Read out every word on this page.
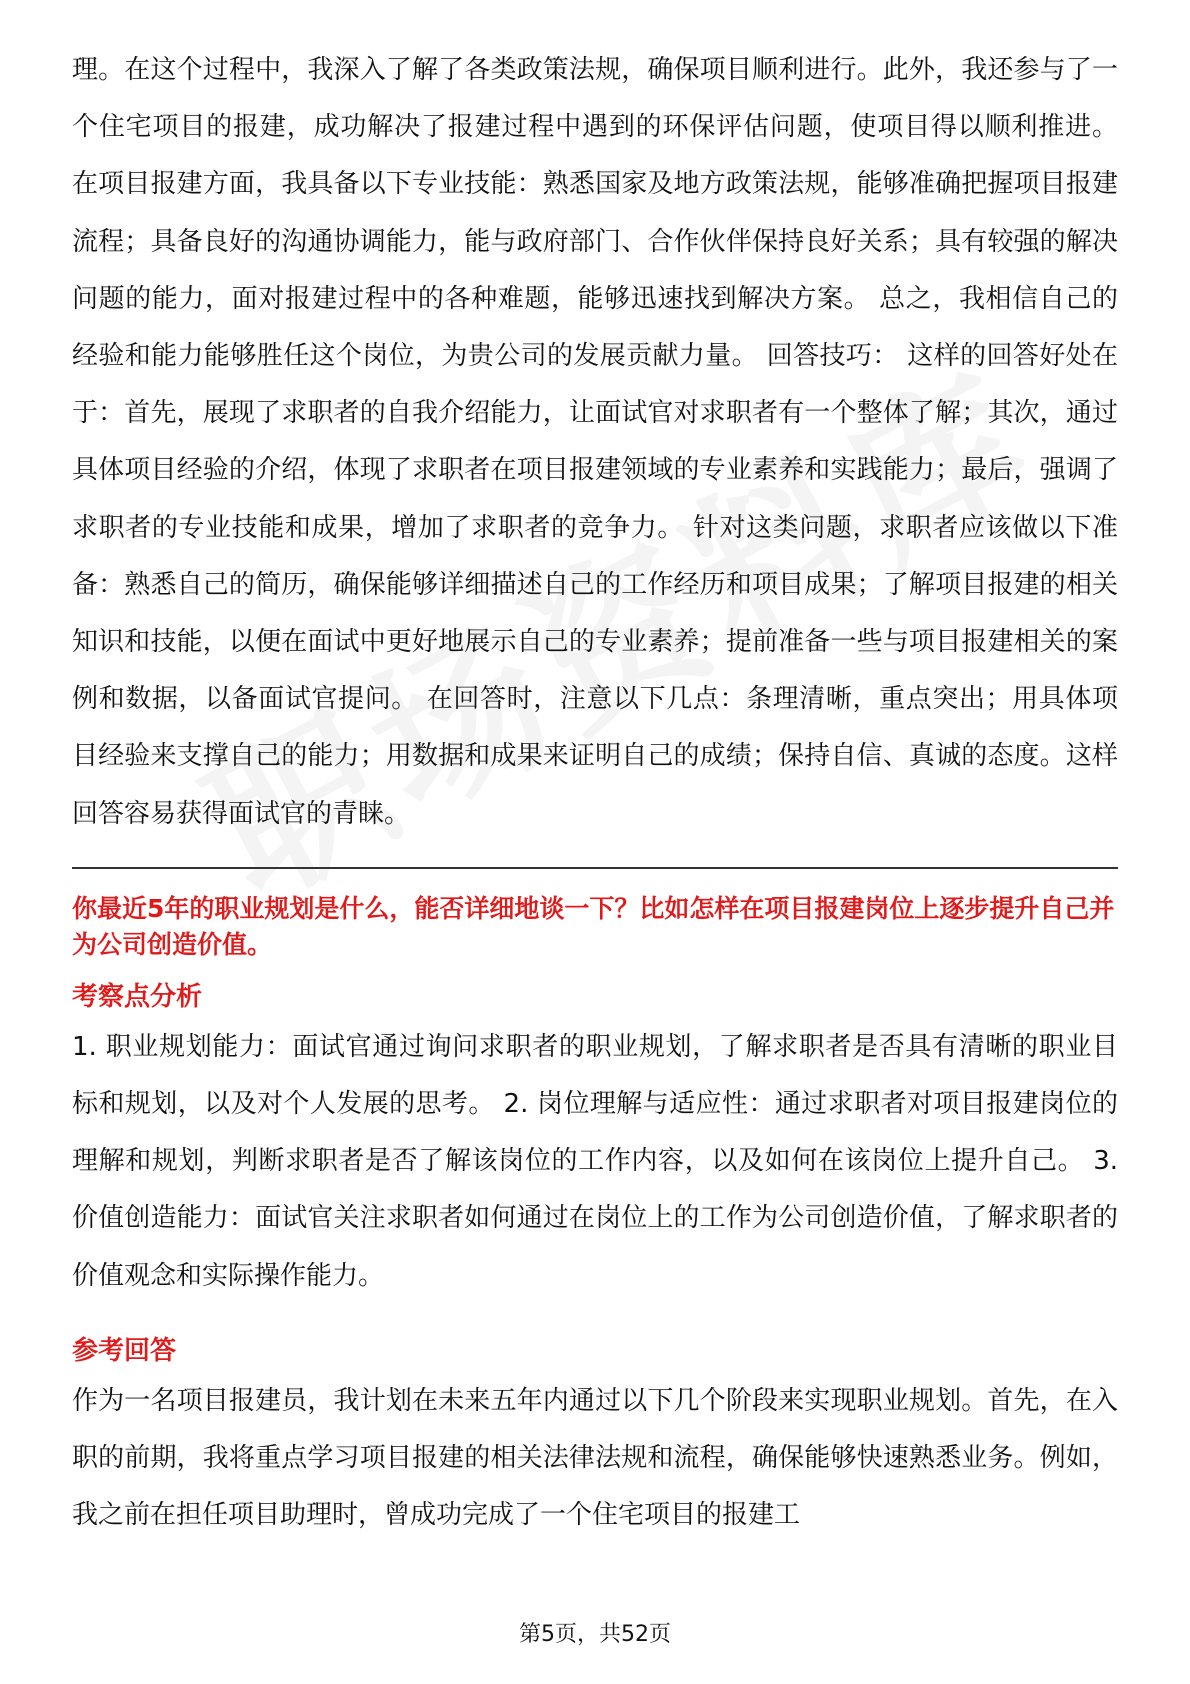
理。在这个过程中，我深入了解了各类政策法规，确保项目顺利进行。此外，我还参与了一个住宅项目的报建，成功解决了报建过程中遇到的环保评估问题，使项目得以顺利推进。 在项目报建方面，我具备以下专业技能：熟悉国家及地方政策法规，能够准确把握项目报建流程；具备良好的沟通协调能力，能与政府部门、合作伙伴保持良好关系；具有较强的解决问题的能力，面对报建过程中的各种难题，能够迅速找到解决方案。 总之，我相信自己的经验和能力能够胜任这个岗位，为贵公司的发展贡献力量。 回答技巧： 这样的回答好处在于：首先，展现了求职者的自我介绍能力，让面试官对求职者有一个整体了解；其次，通过具体项目经验的介绍，体现了求职者在项目报建领域的专业素养和实践能力；最后，强调了求职者的专业技能和成果，增加了求职者的竞争力。 针对这类问题，求职者应该做以下准备：熟悉自己的简历，确保能够详细描述自己的工作经历和项目成果；了解项目报建的相关知识和技能，以便在面试中更好地展示自己的专业素养；提前准备一些与项目报建相关的案例和数据，以备面试官提问。 在回答时，注意以下几点：条理清晰，重点突出；用具体项目经验来支撑自己的能力；用数据和成果来证明自己的成绩；保持自信、真诚的态度。这样回答容易获得面试官的青睐。

你最近5年的职业规划是什么，能否详细地谈一下？比如怎样在项目报建岗位上逐步提升自己并为公司创造价值。

考察点分析

1. 职业规划能力：面试官通过询问求职者的职业规划，了解求职者是否具有清晰的职业目标和规划，以及对个人发展的思考。 2. 岗位理解与适应性：通过求职者对项目报建岗位的理解和规划，判断求职者是否了解该岗位的工作内容，以及如何在该岗位上提升自己。 3. 价值创造能力：面试官关注求职者如何通过在岗位上的工作为公司创造价值，了解求职者的价值观念和实际操作能力。

参考回答

作为一名项目报建员，我计划在未来五年内通过以下几个阶段来实现职业规划。首先，在入职的前期，我将重点学习项目报建的相关法律法规和流程，确保能够快速熟悉业务。例如，我之前在担任项目助理时，曾成功完成了一个住宅项目的报建工

第5页，共52页
